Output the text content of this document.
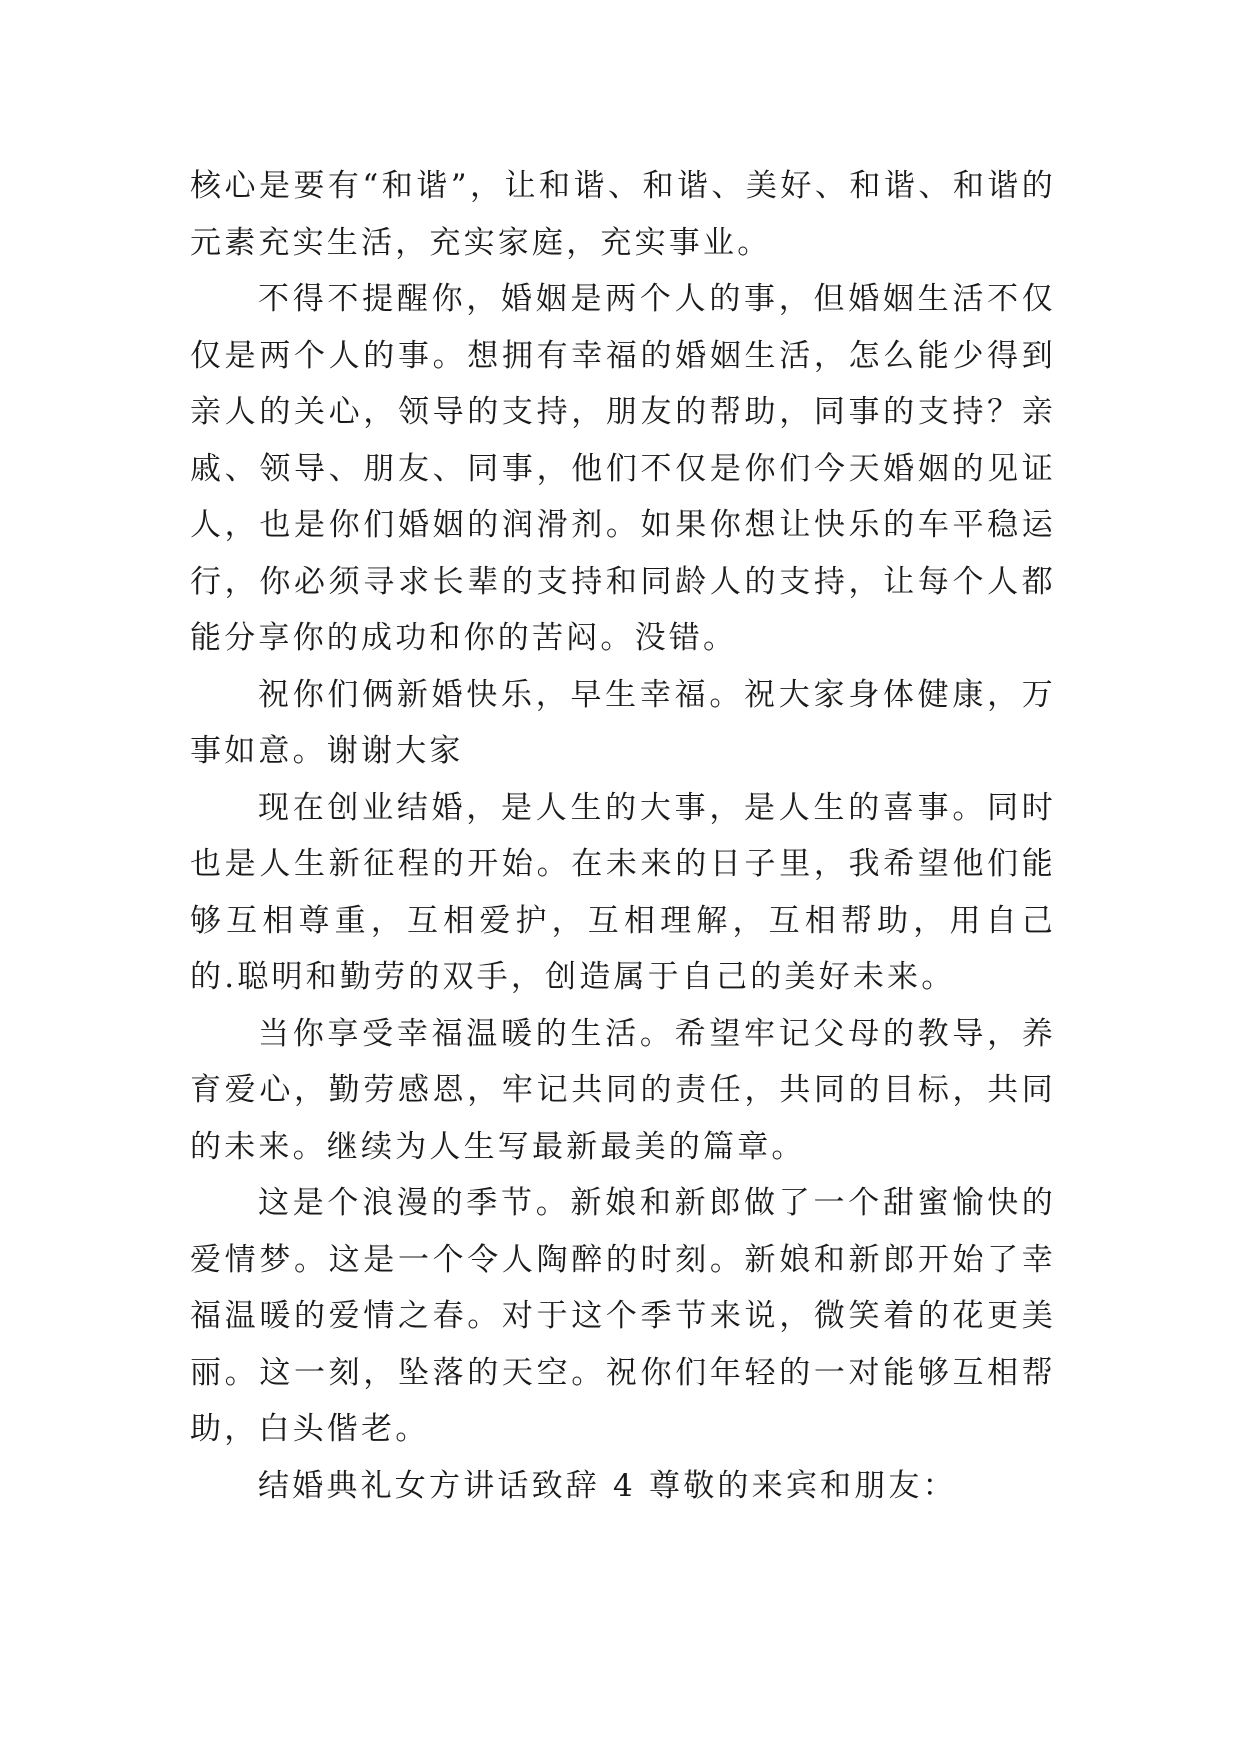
核心是要有“和谐”，让和谐、和谐、美好、和谐、和谐的元素充实生活，充实家庭，充实事业。

不得不提醒你，婚姻是两个人的事，但婚姻生活不仅仅是两个人的事。想拥有幸福的婚姻生活，怎么能少得到亲人的关心，领导的支持，朋友的帮助，同事的支持？亲戚、领导、朋友、同事，他们不仅是你们今天婚姻的见证人，也是你们婚姻的润滑剂。如果你想让快乐的车平稳运行，你必须寻求长辈的支持和同龄人的支持，让每个人都能分享你的成功和你的苦闷。没错。

祝你们俩新婚快乐，早生幸福。祝大家身体健康，万事如意。谢谢大家

现在创业结婚，是人生的大事，是人生的喜事。同时也是人生新征程的开始。在未来的日子里，我希望他们能够互相尊重，互相爱护，互相理解，互相帮助，用自己的.聪明和勤劳的双手，创造属于自己的美好未来。

当你享受幸福温暖的生活。希望牢记父母的教导，养育爱心，勤劳感恩，牢记共同的责任，共同的目标，共同的未来。继续为人生写最新最美的篇章。

这是个浪漫的季节。新娘和新郎做了一个甜蜜愉快的爱情梦。这是一个令人陶醉的时刻。新娘和新郎开始了幸福温暖的爱情之春。对于这个季节来说，微笑着的花更美丽。这一刻，坠落的天空。祝你们年轻的一对能够互相帮助，白头偕老。

结婚典礼女方讲话致辞 4 尊敬的来宾和朋友：
